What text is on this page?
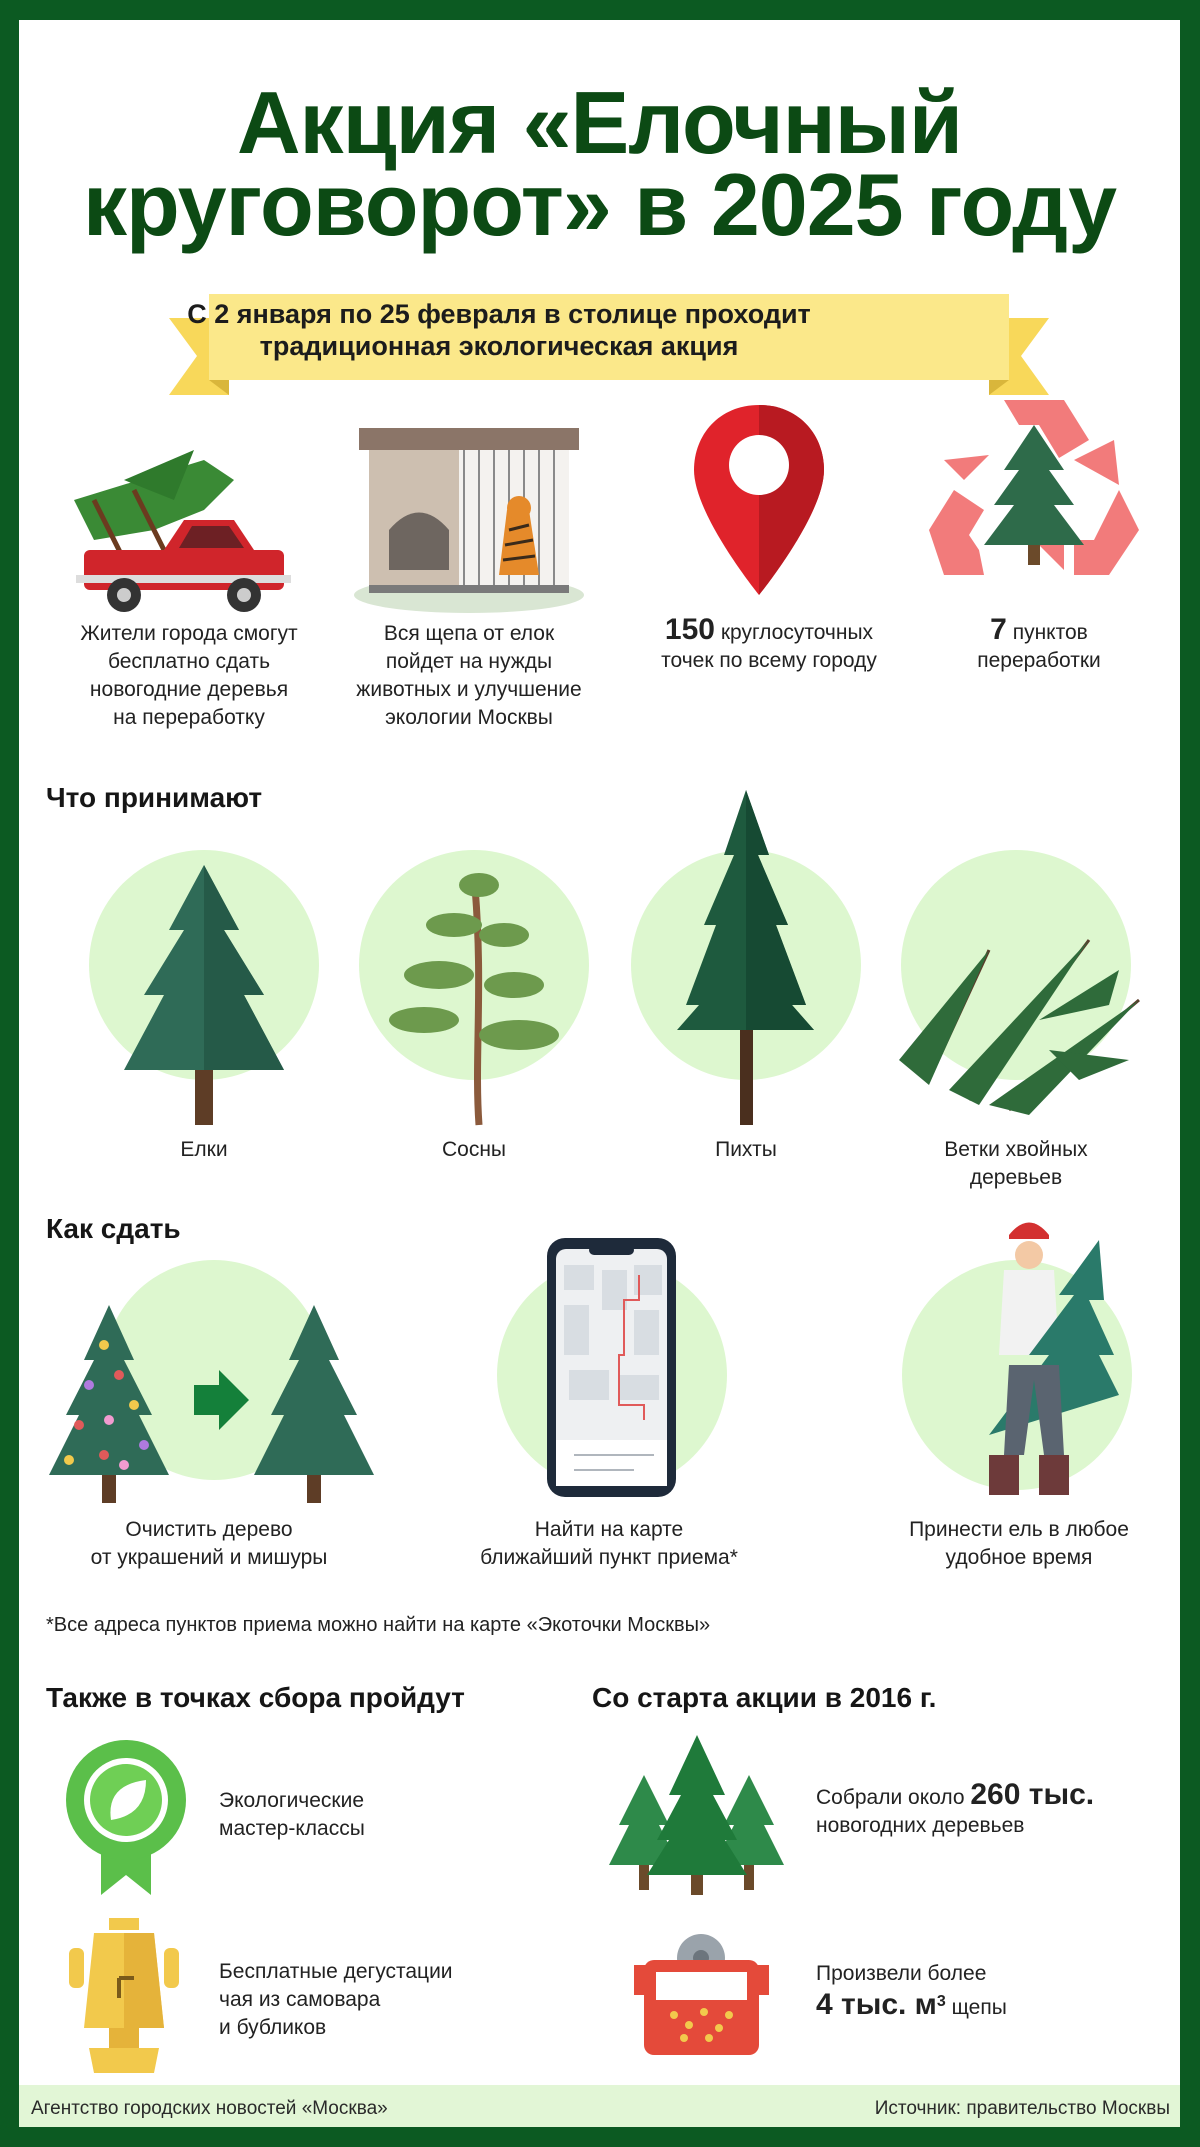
Акция «Елочный
круговорот» в 2025 году
С 2 января по 25 февраля в столице проходит
традиционная экологическая акция
Жители города смогут
бесплатно сдать
новогодние деревья
на переработку
Вся щепа от елок
пойдет на нужды
животных и улучшение
экологии Москвы
150 круглосуточных
точек по всему городу
7 пунктов
переработки
Что принимают
Елки	Сосны	Пихты	Ветки хвойных
деревьев
Как сдать
Очистить дерево
от украшений и мишуры
Найти на карте
ближайший пункт приема*
Принести ель в любое
удобное время
*Все адреса пунктов приема можно найти на карте «Экоточки Москвы»
Также в точках сбора пройдут
Экологические
мастер-классы
Бесплатные дегустации
чая из самовара
и бубликов
Со старта акции в 2016 г.
Собрали около 260 тыс.
новогодних деревьев
Произвели более
4 тыс. $м^3$ щепы
Агентство городских новостей «Москва»	Источник: правительство Москвы
